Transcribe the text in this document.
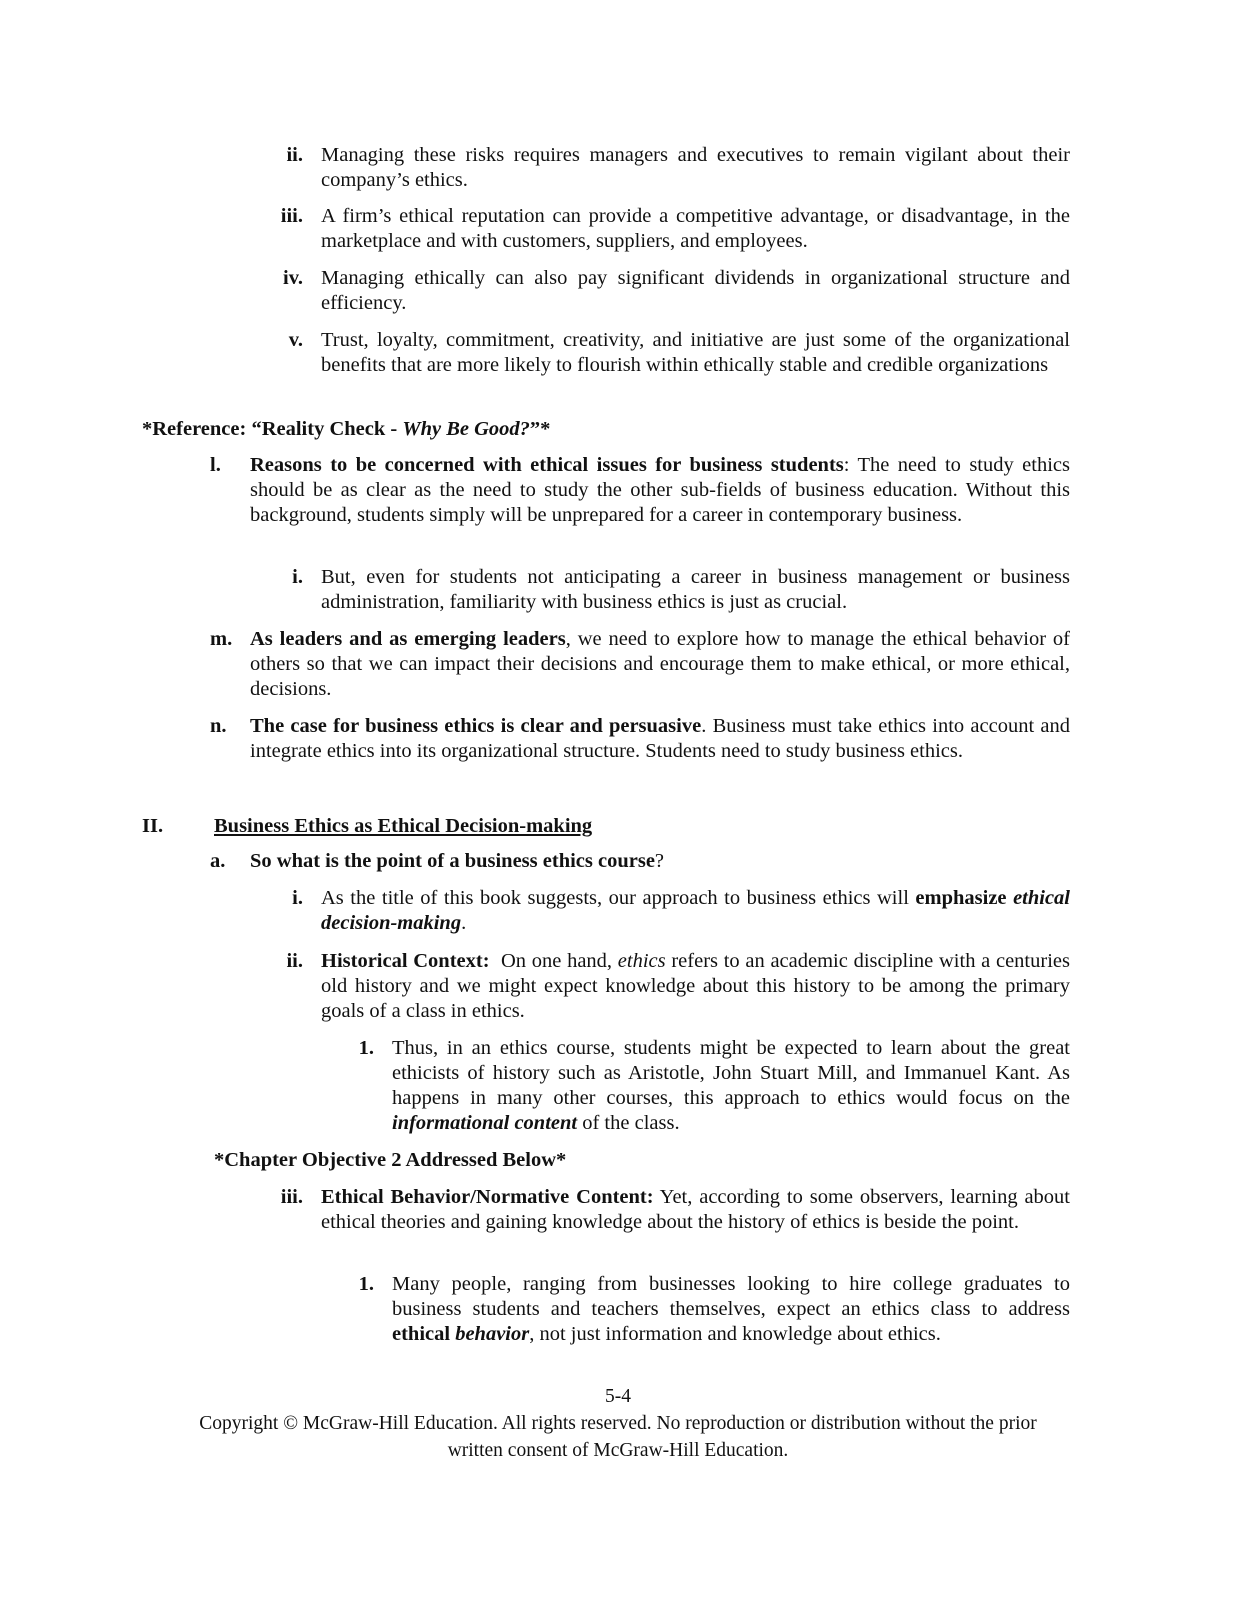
ii. Managing these risks requires managers and executives to remain vigilant about their company’s ethics.
iii. A firm’s ethical reputation can provide a competitive advantage, or disadvantage, in the marketplace and with customers, suppliers, and employees.
iv. Managing ethically can also pay significant dividends in organizational structure and efficiency.
v. Trust, loyalty, commitment, creativity, and initiative are just some of the organizational benefits that are more likely to flourish within ethically stable and credible organizations
*Reference: “Reality Check - Why Be Good?”*
l.	Reasons to be concerned with ethical issues for business students: The need to study ethics should be as clear as the need to study the other sub-fields of business education. Without this background, students simply will be unprepared for a career in contemporary business.
i. But, even for students not anticipating a career in business management or business administration, familiarity with business ethics is just as crucial.
m. As leaders and as emerging leaders, we need to explore how to manage the ethical behavior of others so that we can impact their decisions and encourage them to make ethical, or more ethical, decisions.
n.	The case for business ethics is clear and persuasive. Business must take ethics into account and integrate ethics into its organizational structure. Students need to study business ethics.
II. Business Ethics as Ethical Decision-making
a.	So what is the point of a business ethics course?
i. As the title of this book suggests, our approach to business ethics will emphasize ethical decision-making.
ii. Historical Context:  On one hand, ethics refers to an academic discipline with a centuries old history and we might expect knowledge about this history to be among the primary goals of a class in ethics.
1. Thus, in an ethics course, students might be expected to learn about the great ethicists of history such as Aristotle, John Stuart Mill, and Immanuel Kant. As happens in many other courses, this approach to ethics would focus on the informational content of the class.
*Chapter Objective 2 Addressed Below*
iii. Ethical Behavior/Normative Content: Yet, according to some observers, learning about ethical theories and gaining knowledge about the history of ethics is beside the point.
1. Many people, ranging from businesses looking to hire college graduates to business students and teachers themselves, expect an ethics class to address ethical behavior, not just information and knowledge about ethics.
5-4
Copyright © McGraw-Hill Education. All rights reserved. No reproduction or distribution without the prior
written consent of McGraw-Hill Education.
